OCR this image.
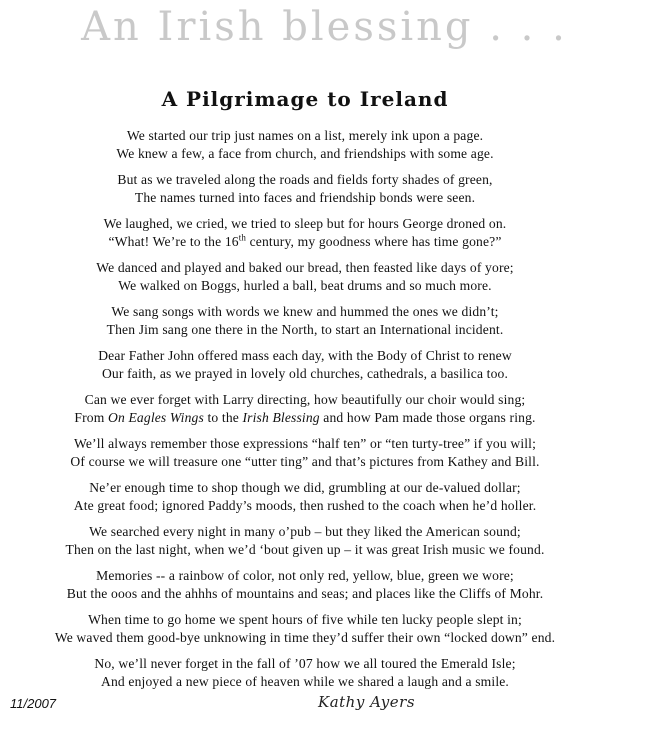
An Irish blessing . . .
A Pilgrimage to Ireland
We started our trip just names on a list, merely ink upon a page.
We knew a few, a face from church, and friendships with some age.
But as we traveled along the roads and fields forty shades of green,
The names turned into faces and friendship bonds were seen.
We laughed, we cried, we tried to sleep but for hours George droned on.
“What! We’re to the 16th century, my goodness where has time gone?”
We danced and played and baked our bread, then feasted like days of yore;
We walked on Boggs, hurled a ball, beat drums and so much more.
We sang songs with words we knew and hummed the ones we didn’t;
Then Jim sang one there in the North, to start an International incident.
Dear Father John offered mass each day, with the Body of Christ to renew
Our faith, as we prayed in lovely old churches, cathedrals, a basilica too.
Can we ever forget with Larry directing, how beautifully our choir would sing;
From On Eagles Wings to the Irish Blessing and how Pam made those organs ring.
We’ll always remember those expressions “half ten” or “ten turty-tree” if you will;
Of course we will treasure one “utter ting” and that’s pictures from Kathey and Bill.
Ne’er enough time to shop though we did, grumbling at our de-valued dollar;
Ate great food; ignored Paddy’s moods, then rushed to the coach when he’d holler.
We searched every night in many o’pub – but they liked the American sound;
Then on the last night, when we’d ‘bout given up – it was great Irish music we found.
Memories -- a rainbow of color, not only red, yellow, blue, green we wore;
But the ooos and the ahhhs of mountains and seas; and places like the Cliffs of Mohr.
When time to go home we spent hours of five while ten lucky people slept in;
We waved them good-bye unknowing in time they’d suffer their own “locked down” end.
No, we’ll never forget in the fall of ’07 how we all toured the Emerald Isle;
And enjoyed a new piece of heaven while we shared a laugh and a smile.
11/2007	Kathy Ayers
